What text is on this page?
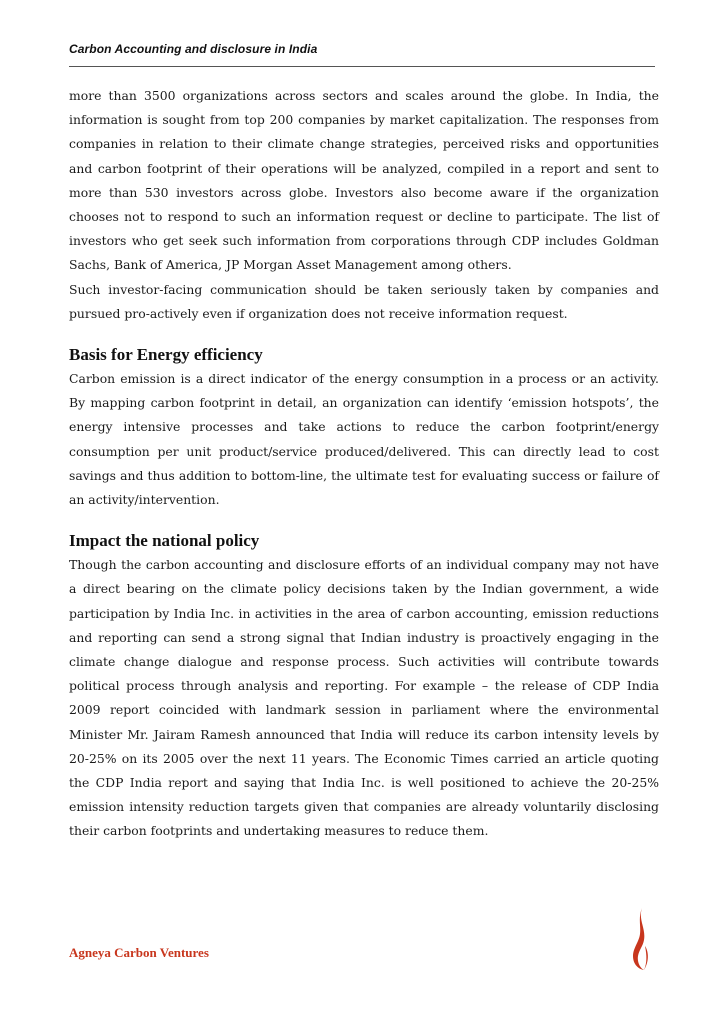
Carbon Accounting and disclosure in India

more than 3500 organizations across sectors and scales around the globe. In India, the information is sought from top 200 companies by market capitalization. The responses from companies in relation to their climate change strategies, perceived risks and opportunities and carbon footprint of their operations will be analyzed, compiled in a report and sent to more than 530 investors across globe. Investors also become aware if the organization chooses not to respond to such an information request or decline to participate. The list of investors who get seek such information from corporations through CDP includes Goldman Sachs, Bank of America, JP Morgan Asset Management among others.

Such investor-facing communication should be taken seriously taken by companies and pursued pro-actively even if organization does not receive information request.

Basis for Energy efficiency

Carbon emission is a direct indicator of the energy consumption in a process or an activity. By mapping carbon footprint in detail, an organization can identify ‘emission hotspots’, the energy intensive processes and take actions to reduce the carbon footprint/energy consumption per unit product/service produced/delivered. This can directly lead to cost savings and thus addition to bottom-line, the ultimate test for evaluating success or failure of an activity/intervention.

Impact the national policy

Though the carbon accounting and disclosure efforts of an individual company may not have a direct bearing on the climate policy decisions taken by the Indian government, a wide participation by India Inc. in activities in the area of carbon accounting, emission reductions and reporting can send a strong signal that Indian industry is proactively engaging in the climate change dialogue and response process. Such activities will contribute towards political process through analysis and reporting. For example – the release of CDP India 2009 report coincided with landmark session in parliament where the environmental Minister Mr. Jairam Ramesh announced that India will reduce its carbon intensity levels by 20-25% on its 2005 over the next 11 years. The Economic Times carried an article quoting the CDP India report and saying that India Inc. is well positioned to achieve the 20-25% emission intensity reduction targets given that companies are already voluntarily disclosing their carbon footprints and undertaking measures to reduce them.

Agneya Carbon Ventures
